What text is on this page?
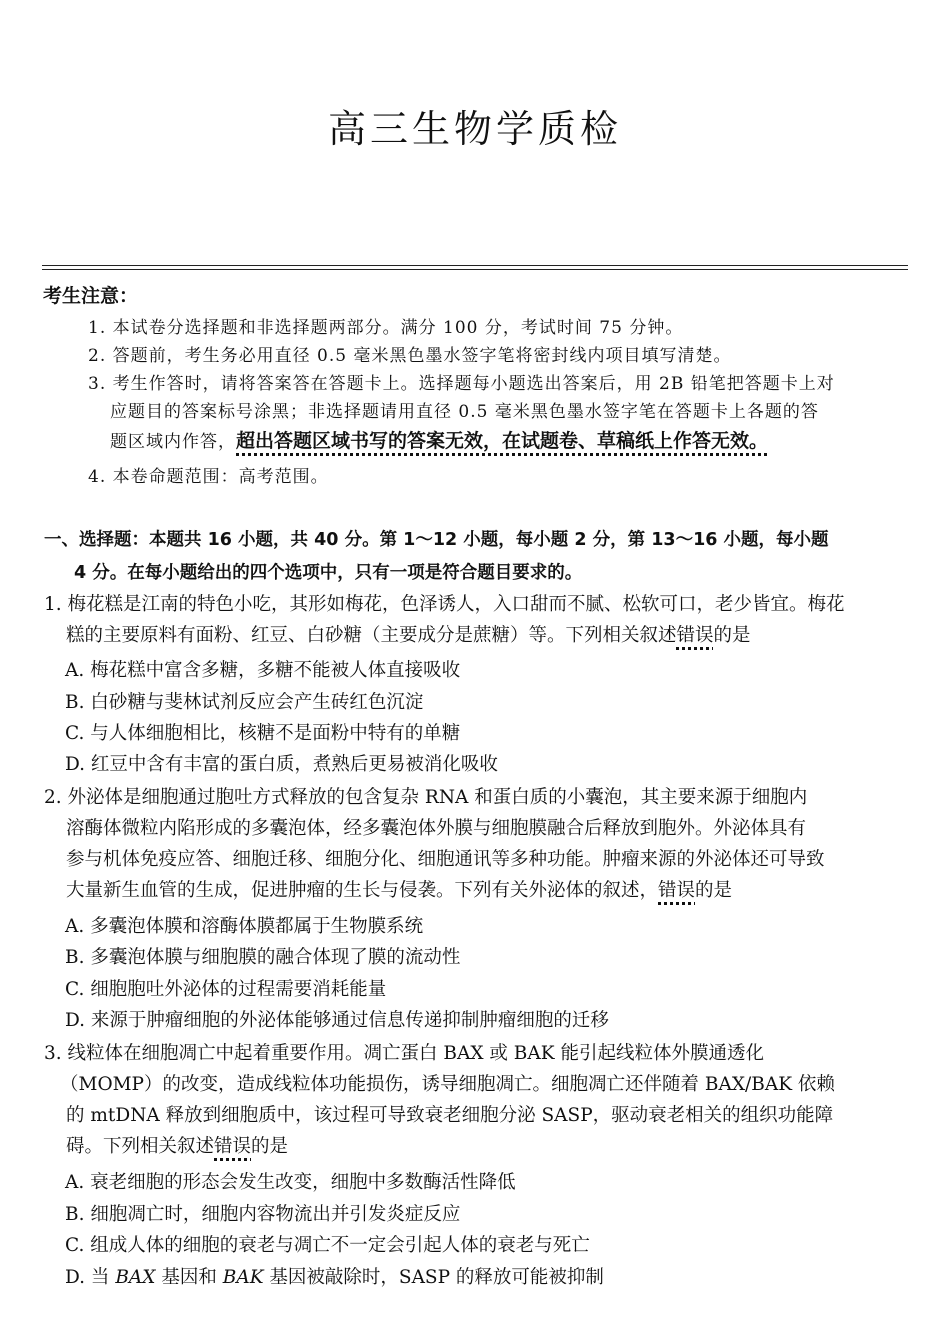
高三生物学质检
考生注意：
1. 本试卷分选择题和非选择题两部分。满分 100 分，考试时间 75 分钟。
2. 答题前，考生务必用直径 0.5 毫米黑色墨水签字笔将密封线内项目填写清楚。
3. 考生作答时，请将答案答在答题卡上。选择题每小题选出答案后，用 2B 铅笔把答题卡上对
应题目的答案标号涂黑；非选择题请用直径 0.5 毫米黑色墨水签字笔在答题卡上各题的答
题区域内作答，超出答题区域书写的答案无效，在试题卷、草稿纸上作答无效。
4. 本卷命题范围：高考范围。
一、选择题：本题共 16 小题，共 40 分。第 1～12 小题，每小题 2 分，第 13～16 小题，每小题
4 分。在每小题给出的四个选项中，只有一项是符合题目要求的。
1. 梅花糕是江南的特色小吃，其形如梅花，色泽诱人，入口甜而不腻、松软可口，老少皆宜。梅花
糕的主要原料有面粉、红豆、白砂糖（主要成分是蔗糖）等。下列相关叙述错误的是
A. 梅花糕中富含多糖，多糖不能被人体直接吸收
B. 白砂糖与斐林试剂反应会产生砖红色沉淀
C. 与人体细胞相比，核糖不是面粉中特有的单糖
D. 红豆中含有丰富的蛋白质，煮熟后更易被消化吸收
2. 外泌体是细胞通过胞吐方式释放的包含复杂 RNA 和蛋白质的小囊泡，其主要来源于细胞内
溶酶体微粒内陷形成的多囊泡体，经多囊泡体外膜与细胞膜融合后释放到胞外。外泌体具有
参与机体免疫应答、细胞迁移、细胞分化、细胞通讯等多种功能。肿瘤来源的外泌体还可导致
大量新生血管的生成，促进肿瘤的生长与侵袭。下列有关外泌体的叙述，错误的是
A. 多囊泡体膜和溶酶体膜都属于生物膜系统
B. 多囊泡体膜与细胞膜的融合体现了膜的流动性
C. 细胞胞吐外泌体的过程需要消耗能量
D. 来源于肿瘤细胞的外泌体能够通过信息传递抑制肿瘤细胞的迁移
3. 线粒体在细胞凋亡中起着重要作用。凋亡蛋白 BAX 或 BAK 能引起线粒体外膜通透化
（MOMP）的改变，造成线粒体功能损伤，诱导细胞凋亡。细胞凋亡还伴随着 BAX/BAK 依赖
的 mtDNA 释放到细胞质中，该过程可导致衰老细胞分泌 SASP，驱动衰老相关的组织功能障
碍。下列相关叙述错误的是
A. 衰老细胞的形态会发生改变，细胞中多数酶活性降低
B. 细胞凋亡时，细胞内容物流出并引发炎症反应
C. 组成人体的细胞的衰老与凋亡不一定会引起人体的衰老与死亡
D. 当 BAX 基因和 BAK 基因被敲除时，SASP 的释放可能被抑制
